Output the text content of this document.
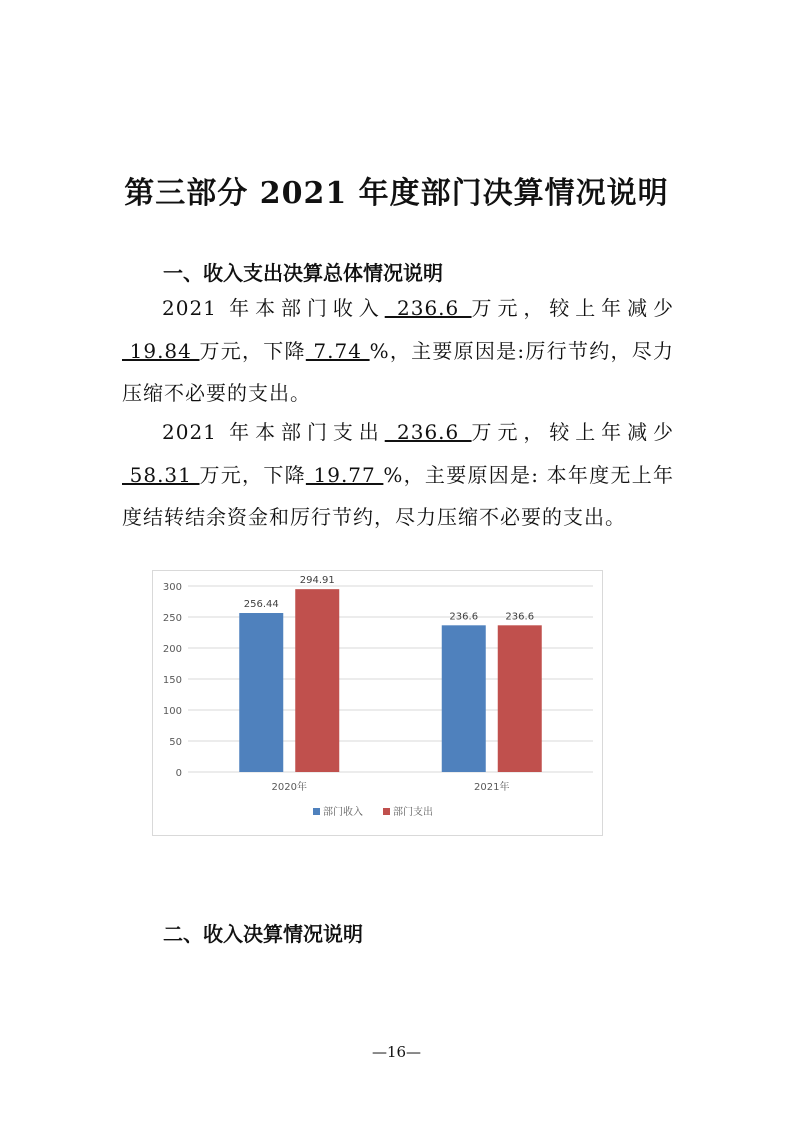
第三部分 2021 年度部门决算情况说明
一、收入支出决算总体情况说明
2021 年本部门收入 236.6 万元，较上年减少 19.84 万元，下降 7.74 %，主要原因是:厉行节约，尽力压缩不必要的支出。
2021 年本部门支出 236.6 万元，较上年减少 58.31 万元，下降 19.77 %，主要原因是: 本年度无上年度结转结余资金和厉行节约，尽力压缩不必要的支出。
0
50
100
150
200
250
300
256.44
294.91
2020年
236.6	236.6
2021年
部门收入	部门支出
二、收入决算情况说明
—16—
